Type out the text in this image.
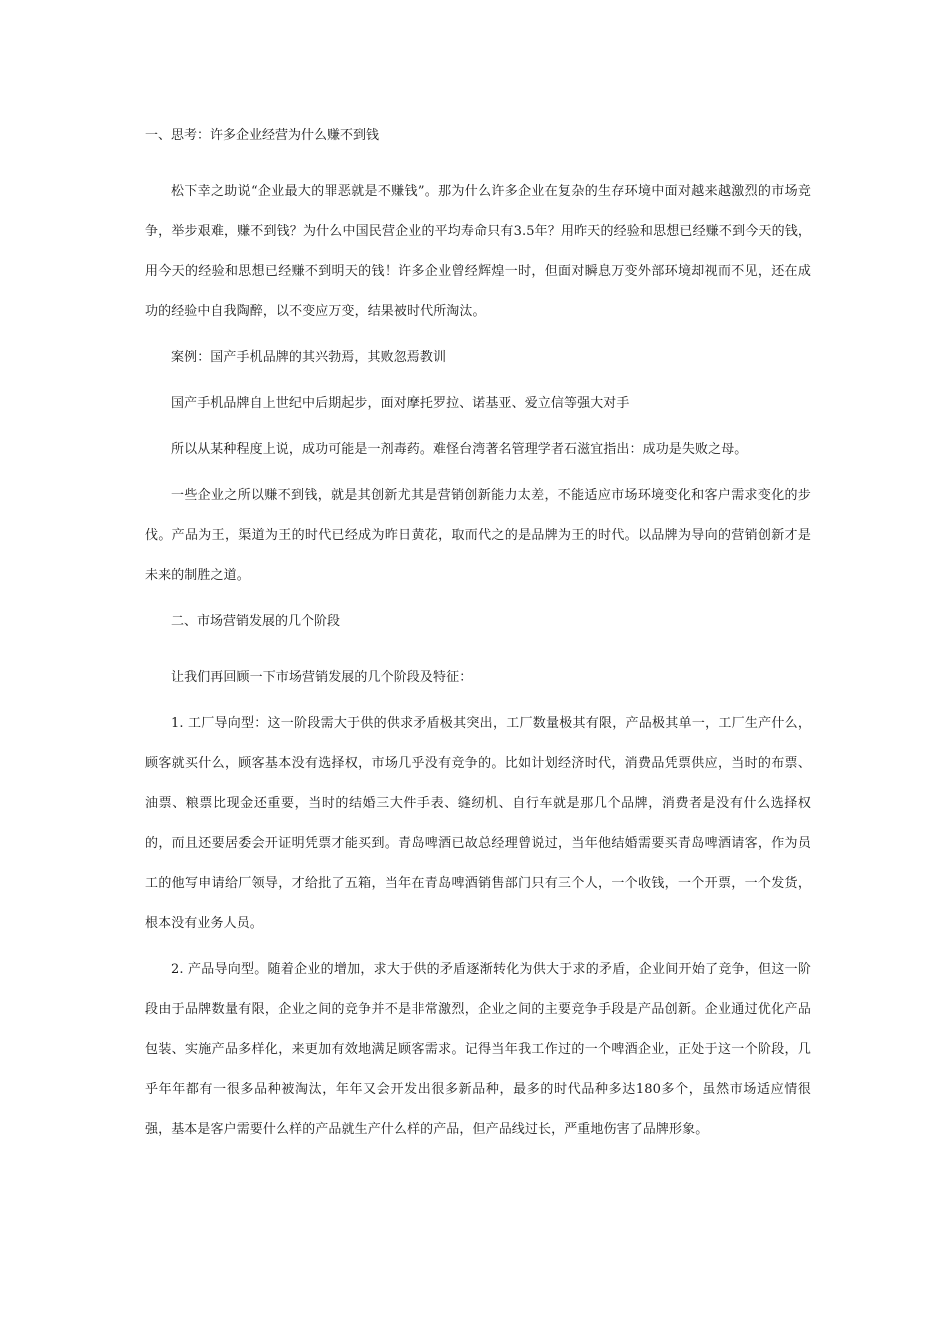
一、思考：许多企业经营为什么赚不到钱

松下幸之助说“企业最大的罪恶就是不赚钱”。那为什么许多企业在复杂的生存环境中面对越来越激烈的市场竞争，举步艰难，赚不到钱？为什么中国民营企业的平均寿命只有3.5年？用昨天的经验和思想已经赚不到今天的钱，用今天的经验和思想已经赚不到明天的钱！许多企业曾经辉煌一时，但面对瞬息万变外部环境却视而不见，还在成功的经验中自我陶醉，以不变应万变，结果被时代所淘汰。

案例：国产手机品牌的其兴勃焉，其败忽焉教训

国产手机品牌自上世纪中后期起步，面对摩托罗拉、诺基亚、爱立信等强大对手

所以从某种程度上说，成功可能是一剂毒药。难怪台湾著名管理学者石滋宜指出：成功是失败之母。

一些企业之所以赚不到钱，就是其创新尤其是营销创新能力太差，不能适应市场环境变化和客户需求变化的步伐。产品为王，渠道为王的时代已经成为昨日黄花，取而代之的是品牌为王的时代。以品牌为导向的营销创新才是未来的制胜之道。

二、市场营销发展的几个阶段

让我们再回顾一下市场营销发展的几个阶段及特征：

1. 工厂导向型：这一阶段需大于供的供求矛盾极其突出，工厂数量极其有限，产品极其单一，工厂生产什么，顾客就买什么，顾客基本没有选择权，市场几乎没有竞争的。比如计划经济时代，消费品凭票供应，当时的布票、油票、粮票比现金还重要，当时的结婚三大件手表、缝纫机、自行车就是那几个品牌，消费者是没有什么选择权的，而且还要居委会开证明凭票才能买到。青岛啤酒已故总经理曾说过，当年他结婚需要买青岛啤酒请客，作为员工的他写申请给厂领导，才给批了五箱，当年在青岛啤酒销售部门只有三个人，一个收钱，一个开票，一个发货，根本没有业务人员。

2. 产品导向型。随着企业的增加，求大于供的矛盾逐渐转化为供大于求的矛盾，企业间开始了竞争，但这一阶段由于品牌数量有限，企业之间的竞争并不是非常激烈，企业之间的主要竞争手段是产品创新。企业通过优化产品包装、实施产品多样化，来更加有效地满足顾客需求。记得当年我工作过的一个啤酒企业，正处于这一个阶段，几乎年年都有一很多品种被淘汰，年年又会开发出很多新品种，最多的时代品种多达180多个，虽然市场适应情很强，基本是客户需要什么样的产品就生产什么样的产品，但产品线过长，严重地伤害了品牌形象。
